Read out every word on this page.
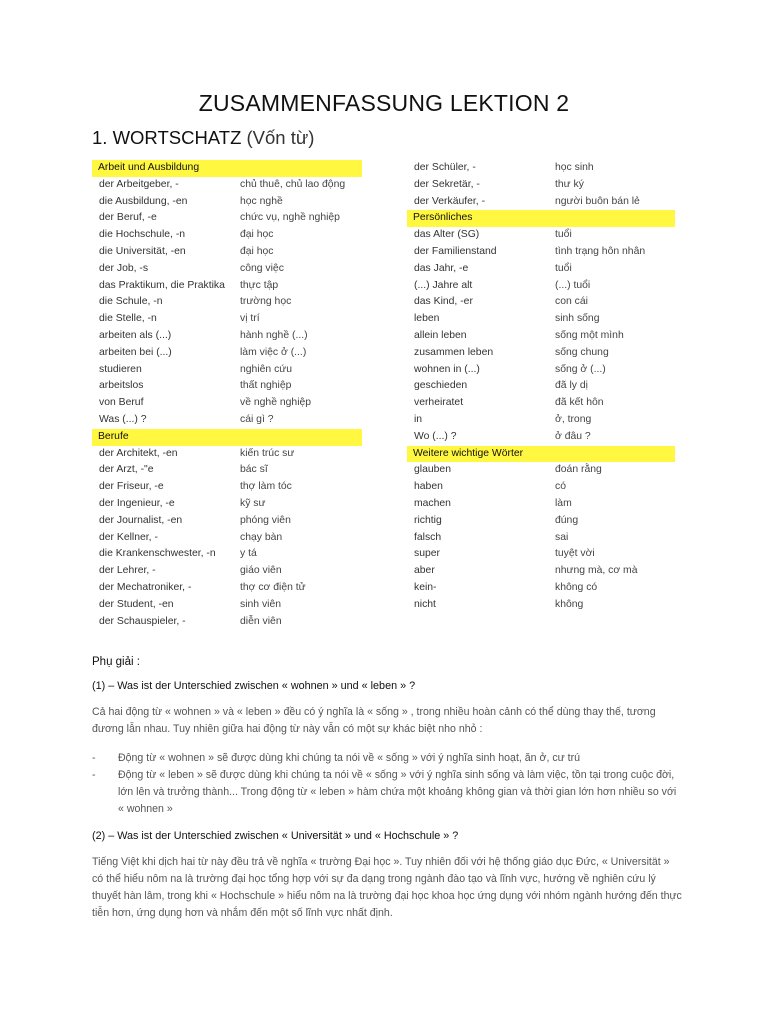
ZUSAMMENFASSUNG LEKTION 2
1. WORTSCHATZ (Vốn từ)
Arbeit und Ausbildung
der Arbeitgeber, -	chủ thuê, chủ lao động
die Ausbildung, -en	học nghề
der Beruf, -e	chức vụ, nghề nghiệp
die Hochschule, -n	đại học
die Universität, -en	đại học
der Job, -s	công việc
das Praktikum, die Praktika thực tập
die Schule, -n	trường học
die Stelle, -n	vị trí
arbeiten als (...)	hành nghề (...)
arbeiten bei (...)	làm việc ở (...)
studieren	nghiên cứu
arbeitslos	thất nghiệp
von Beruf	về nghề nghiệp
Was (...) ?	cái gì ?
Berufe
der Architekt, -en	kiến trúc sư
der Arzt, -"e	bác sĩ
der Friseur, -e	thợ làm tóc
der Ingenieur, -e	kỹ sư
der Journalist, -en	phóng viên
der Kellner, -	chạy bàn
die Krankenschwester, -n y tá
der Lehrer, -	giáo viên
der Mechatroniker, -	thợ cơ điện tử
der Student, -en	sinh viên
der Schauspieler, -	diễn viên
der Schüler, -	học sinh
der Sekretär, -	thư ký
der Verkäufer, -	người buôn bán lẻ
Persönliches
das Alter (SG)	tuổi
der Familienstand	tình trạng hôn nhân
das Jahr, -e	tuổi
(...) Jahre alt	(...) tuổi
das Kind, -er	con cái
leben	sinh sống
allein leben	sống một mình
zusammen leben	sống chung
wohnen in (...)	sống ở (...)
geschieden	đã ly dị
verheiratet	đã kết hôn
in	ở, trong
Wo (...) ?	ở đâu ?
Weitere wichtige Wörter
glauben	đoán rằng
haben	có
machen	làm
richtig	đúng
falsch	sai
super	tuyệt vời
aber	nhưng mà, cơ mà
kein-	không có
nicht	không
Phụ giải :
(1) – Was ist der Unterschied zwischen « wohnen » und « leben » ?

Cả hai động từ « wohnen » và « leben » đều có ý nghĩa là « sống » , trong nhiều hoàn cảnh có thể dùng thay thế, tương đương lẫn nhau. Tuy nhiên giữa hai động từ này vẫn có một sự khác biệt nho nhỏ :

- Động từ « wohnen » sẽ được dùng khi chúng ta nói về « sống » với ý nghĩa sinh hoạt, ăn ở, cư trú
- Động từ « leben » sẽ được dùng khi chúng ta nói về « sống » với ý nghĩa sinh sống và làm việc, tồn tại trong cuộc đời, lớn lên và trưởng thành... Trong động từ « leben » hàm chứa một khoảng không gian và thời gian lớn hơn nhiều so với « wohnen »
(2) – Was ist der Unterschied zwischen « Universität » und « Hochschule » ?

Tiếng Việt khi dịch hai từ này đều trả về nghĩa « trường Đại học ». Tuy nhiên đối với hệ thống giáo dục Đức, « Universität » có thể hiểu nôm na là trường đại học tổng hợp với sự đa dạng trong ngành đào tạo và lĩnh vực, hướng về nghiên cứu lý thuyết hàn lâm, trong khi « Hochschule » hiểu nôm na là trường đại học khoa học ứng dụng với nhóm ngành hướng đến thực tiễn hơn, ứng dụng hơn và nhắm đến một số lĩnh vực nhất định.
